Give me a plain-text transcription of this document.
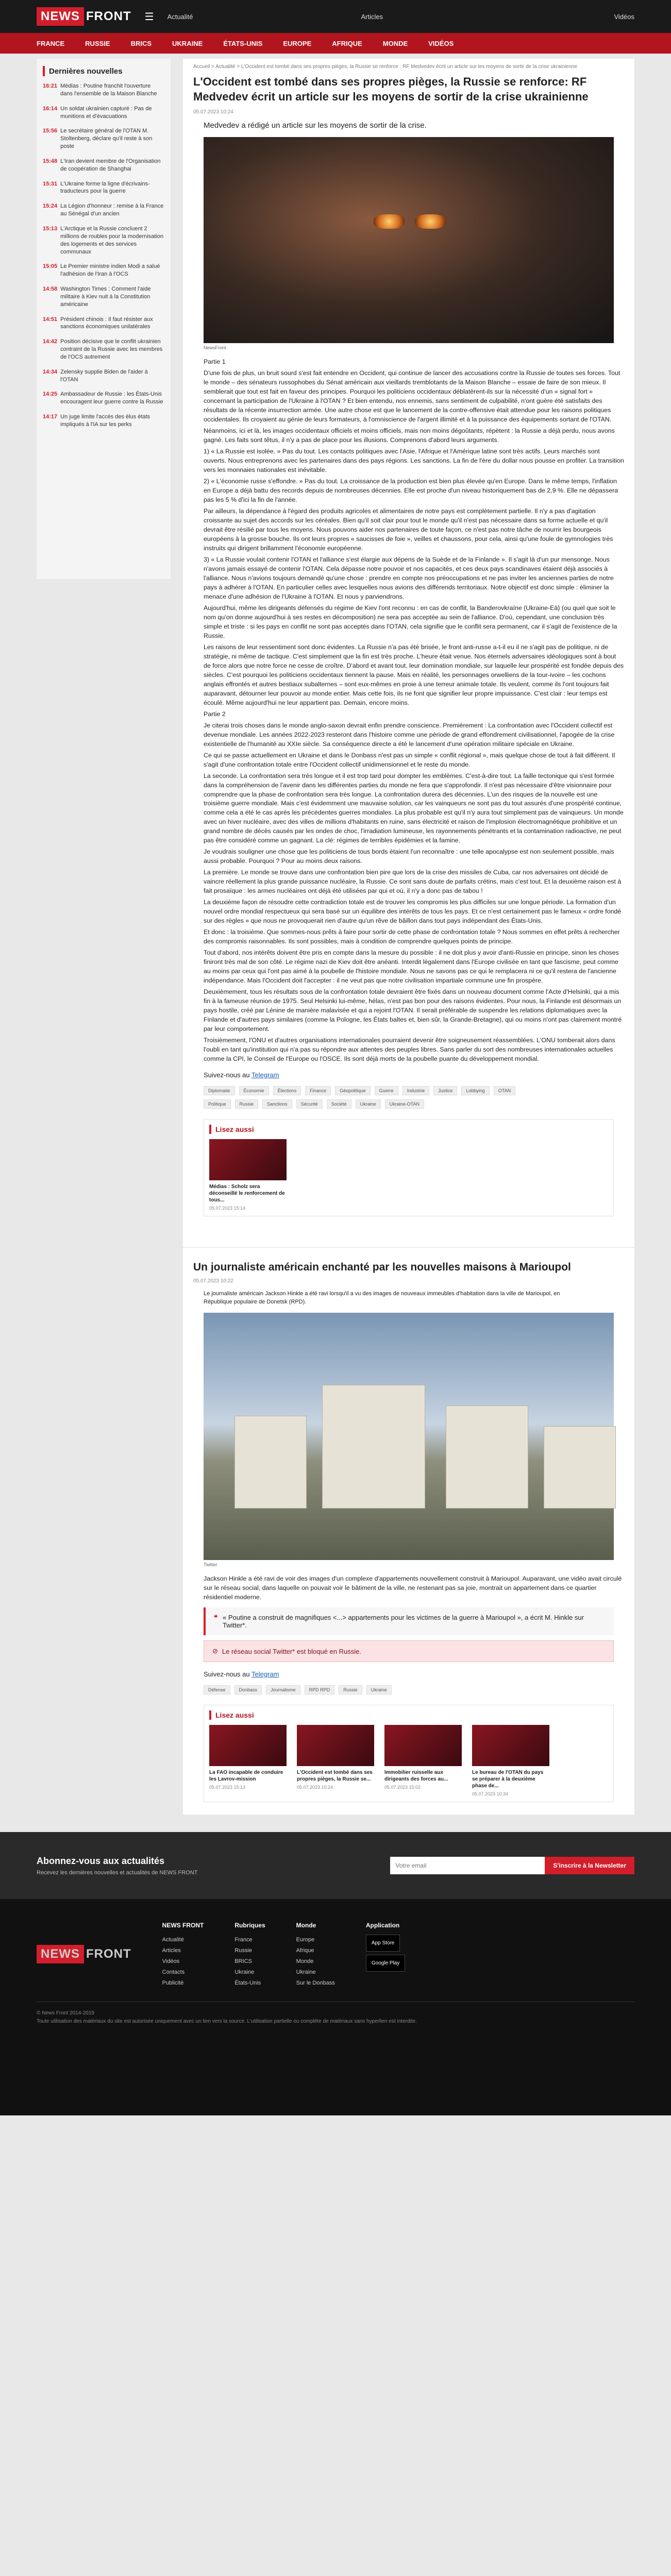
NEWS FRONT ☰ Actualité	Articles	Vidéos
FRANCE	RUSSIE	BRICS	UKRAINE	ÉTATS-UNIS	EUROPE	AFRIQUE	MONDE	VIDÉOS
Dernières nouvelles
16:21 Médias : Poutine franchit l'ouverture dans l'ensemble de la Maison Blanche
16:14 Un soldat ukrainien capturé : Pas de munitions et d'évacuations
15:56 Le secrétaire général de l'OTAN M. Stoltenberg, déclare qu'il reste à son poste
15:48 L'Iran devient membre de l'Organisation de coopération de Shanghai
15:31 L'Ukraine forme la ligne d'écrivains-traducteurs pour la guerre
15:24 La Légion d'honneur : remise à la France au Sénégal d'un ancien
15:13 L'Arctique et la Russie concluent 2 millions de roubles pour la modernisation des logements et des services communaux
15:05 Le Premier ministre indien Modi a salué l'adhésion de l'Iran à l'OCS
14:58 Washington Times : Comment l'aide militaire à Kiev nuit à la Constitution américaine
14:51 Président chinois : Il faut résister aux sanctions économiques unilatérales
14:42 Position décisive que le conflit ukrainien contraint de la Russie avec les membres de l'OCS autrement
14:34 Zelensky supplie Biden de l'aider à l'OTAN
14:25 Ambassadeur de Russie : les États-Unis encouragent leur guerre contre la Russie
14:17 Un juge limite l'accès des élus états impliqués à l'IA sur les perks
Accueil > Actualité > L'Occident est tombé dans ses propres pièges, la Russie se renforce : RF Medvedev écrit un article sur les moyens de sortir de la crise ukrainienne
L'Occident est tombé dans ses propres pièges, la Russie se renforce: RF Medvedev écrit un article sur les moyens de sortir de la crise ukrainienne
05.07.2023 10:24

Medvedev a rédigé un article sur les moyens de sortir de la crise.

NewsFront

Partie 1

D'une fois de plus, un bruit sourd s'est fait entendre en Occident, qui continue de lancer des accusations contre la Russie de toutes ses forces. Tout le monde – des sénateurs russophobes du Sénat américain aux vieillards tremblotants de la Maison Blanche – essaie de faire de son mieux. Il semblerait que tout est fait en faveur des principes. Pourquoi les politiciens occidentaux déblatèrent-ils sur la nécessité d'un « signal fort » concernant la participation de l'Ukraine à l'OTAN ? Et bien entendu, nos ennemis, sans sentiment de culpabilité, n'ont guère été satisfaits des résultats de la récente insurrection armée. Une autre chose est que le lancement de la contre-offensive était attendue pour les raisons politiques occidentales. Ils croyaient au génie de leurs formateurs, à l'omniscience de l'argent illimité et à la puissance des équipements sortant de l'OTAN.

Néanmoins, ici et là, les images occidentaux officiels et moins officiels, mais non moins dégoûtants, répètent : la Russie a déjà perdu, nous avons gagné. Les faits sont têtus, il n'y a pas de place pour les illusions. Comprenons d'abord leurs arguments.

1) « La Russie est isolée. » Pas du tout. Les contacts politiques avec l'Asie, l'Afrique et l'Amérique latine sont très actifs. Leurs marchés sont ouverts. Nous entreprenons avec les partenaires dans des pays régions. Les sanctions. La fin de l'ère du dollar nous pousse en profiter. La transition vers les monnaies nationales est inévitable.

2) « L'économie russe s'effondre. » Pas du tout. La croissance de la production est bien plus élevée qu'en Europe. Dans le même temps, l'inflation en Europe a déjà battu des records depuis de nombreuses décennies. Elle est proche d'un niveau historiquement bas de 2,9 %. Elle ne dépassera pas les 5 % d'ici la fin de l'année.

Par ailleurs, la dépendance à l'égard des produits agricoles et alimentaires de notre pays est complètement partielle. Il n'y a pas d'agitation croissante au sujet des accords sur les céréales. Bien qu'il soit clair pour tout le monde qu'il n'est pas nécessaire dans sa forme actuelle et qu'il devrait être résilié par tous les moyens. Nous pouvons aider nos partenaires de toute façon, ce n'est pas notre tâche de nourrir les bourgeois européens à la grosse bouche. Ils ont leurs propres « saucisses de foie », veilles et chaussons, pour cela, ainsi qu'une foule de gymnologies très instruits qui dirigent brillamment l'économie européenne.

3) « La Russie voulait contenir l'OTAN et l'alliance s'est élargie aux dépens de la Suède et de la Finlande ». Il s'agit là d'un pur mensonge. Nous n'avons jamais essayé de contenir l'OTAN. Cela dépasse notre pouvoir et nos capacités, et ces deux pays scandinaves étaient déjà associés à l'alliance. Nous n'avions toujours demandé qu'une chose : prendre en compte nos préoccupations et ne pas inviter les anciennes parties de notre pays à adhérer à l'OTAN. En particulier celles avec lesquelles nous avions des différends territoriaux. Notre objectif est donc simple : éliminer la menace d'une adhésion de l'Ukraine à l'OTAN. Et nous y parviendrons.

Aujourd'hui, même les dirigeants défensés du régime de Kiev l'ont reconnu : en cas de conflit, la Banderovkraïne (Ukraine-Eä) (ou quel que soit le nom qu'on donne aujourd'hui à ses restes en décomposition) ne sera pas acceptée au sein de l'alliance. D'où, cependant, une conclusion très simple et triste : si les pays en conflit ne sont pas acceptés dans l'OTAN, cela signifie que le conflit sera permanent, car il s'agit de l'existence de la Russie.

Les raisons de leur ressentiment sont donc évidentes. La Russie n'a pas été brisée, le front anti-russe a-t-il eu il ne s'agit pas de politique, ni de stratégie, ni même de tactique. C'est simplement que la fin est très proche. L'heure était venue. Nos éternels adversaires idéologiques sont à bout de force alors que notre force ne cesse de croître. D'abord et avant tout, leur domination mondiale, sur laquelle leur prospérité est fondée depuis des siècles. C'est pourquoi les politiciens occidentaux tiennent la pause. Mais en réalité, les personnages orwelliens de la tour-ivoire – les cochons anglais effrontés et autres bestiaux subalternes – sont eux-mêmes en proie à une terreur animale totale. Ils veulent, comme ils l'ont toujours fait auparavant, détourner leur pouvoir au monde entier. Mais cette fois, ils ne font que signifier leur propre impuissance. C'est clair : leur temps est écoulé. Même aujourd'hui ne leur appartient pas. Demain, encore moins.

Partie 2

Je citerai trois choses dans le monde anglo-saxon devrait enfin prendre conscience. Premièrement : La confrontation avec l'Occident collectif est devenue mondiale. Les années 2022-2023 resteront dans l'histoire comme une période de grand effondrement civilisationnel, l'apogée de la crise existentielle de l'humanité au XXIe siècle. Sa conséquence directe a été le lancement d'une opération militaire spéciale en Ukraine.

Ce qui se passe actuellement en Ukraine et dans le Donbass n'est pas un simple « conflit régional », mais quelque chose de tout à fait différent. Il s'agit d'une confrontation totale entre l'Occident collectif unidimensionnel et le reste du monde.

La seconde. La confrontation sera très longue et il est trop tard pour dompter les emblèmes. C'est-à-dire tout. La faille tectonique qui s'est formée dans la compréhension de l'avenir dans les différentes parties du monde ne fera que s'approfondir. Il n'est pas nécessaire d'être visionnaire pour comprendre que la phase de confrontation sera très longue. La confrontation durera des décennies. L'un des risques de la nouvelle est une troisième guerre mondiale. Mais c'est évidemment une mauvaise solution, car les vainqueurs ne sont pas du tout assurés d'une prospérité continue, comme cela a été le cas après les précédentes guerres mondiales. La plus probable est qu'il n'y aura tout simplement pas de vainqueurs. Un monde avec un hiver nucléaire, avec des villes de millions d'habitants en ruine, sans électricité et raison de l'implosion électromagnétique prohibitive et un grand nombre de décès causés par les ondes de choc, l'irradiation lumineuse, les rayonnements pénétrants et la contamination radioactive, ne peut pas être considéré comme un gagnant. La clé: régimes de terribles épidémies et la famine.

Je voudrais souligner une chose que les politiciens de tous bords étaient l'un reconnaître : une telle apocalypse est non seulement possible, mais aussi probable. Pourquoi ? Pour au moins deux raisons.

La première. Le monde se trouve dans une confrontation bien pire que lors de la crise des missiles de Cuba, car nos adversaires ont décidé de vaincre réellement la plus grande puissance nucléaire, la Russie. Ce sont sans doute de parfaits crétins, mais c'est tout. Et la deuxième raison est à fait prosaïque : les armes nucléaires ont déjà été utilisées par qui et où, il n'y a donc pas de tabou !

La deuxième façon de résoudre cette contradiction totale est de trouver les compromis les plus difficiles sur une longue période. La formation d'un nouvel ordre mondial respectueux qui sera basé sur un équilibre des intérêts de tous les pays. Et ce n'est certainement pas le fameux « ordre fondé sur des règles » que nous ne provoquerait rien d'autre qu'un rêve de bâillon dans tout pays indépendant des États-Unis.

Et donc : la troisième. Que sommes-nous prêts à faire pour sortir de cette phase de confrontation totale ? Nous sommes en effet prêts à rechercher des compromis raisonnables. Ils sont possibles, mais à condition de comprendre quelques points de principe.

Tout d'abord, nos intérêts doivent être pris en compte dans la mesure du possible : il ne doit plus y avoir d'anti-Russie en principe, sinon les choses finiront très mal de son côté. Le régime nazi de Kiev doit être anéanti. Interdit légalement dans l'Europe civilisée en tant que fascisme, peut comme au moins par ceux qui l'ont pas aimé à la poubelle de l'histoire mondiale. Nous ne savons pas ce qui le remplacera ni ce qu'il restera de l'ancienne indépendance. Mais l'Occident doit l'accepter : il ne veut pas que notre civilisation impartiale commune une fin prospère.

Deuxièmement, tous les résultats sous de la confrontation totale devraient être fixés dans un nouveau document comme l'Acte d'Helsinki, qui a mis fin à la fameuse réunion de 1975. Seul Helsinki lui-même, hélas, n'est pas bon pour des raisons évidentes. Pour nous, la Finlande est désormais un pays hostile, créé par Lénine de manière malavisée et qui a rejoint l'OTAN. Il serait préférable de suspendre les relations diplomatiques avec la Finlande et d'autres pays similaires (comme la Pologne, les États baltes et, bien sûr, la Grande-Bretagne), qui ou moins n'ont pas clairement montré par leur comportement.

Troisièmement, l'ONU et d'autres organisations internationales pourraient devenir être soigneusement réassemblées. L'ONU tomberait alors dans l'oubli en tant qu'institution qui n'a pas su répondre aux attentes des peuples libres. Sans parler du sort des nombreuses internationales actuelles comme la CPI, le Conseil de l'Europe ou l'OSCE. Ils sont déjà morts de la poubelle puante du développement mondial.

Suivez-nous au Telegram
Diplomatie	Économie	Élections	Finance	Géopolitique	Guerre	Industrie	Justice	Lobbying	OTAN
Politique	Russie	Sanctions	Sécurité	Société	Ukraine	Ukraine-OTAN
Lisez aussi
Médias : Scholz sera déconseillé le renforcement de tous...
05.07.2023 15:14
Un journaliste américain enchanté par les nouvelles maisons à Marioupol
05.07.2023 10:22

Le journaliste américain Jackson Hinkle a été ravi lorsqu'il a vu des images de nouveaux immeubles d'habitation dans la ville de Marioupol, en République populaire de Donetsk (RPD).

Twitter

Jackson Hinkle a été ravi de voir des images d'un complexe d'appartements nouvellement construit à Marioupol. Auparavant, une vidéo avait circulé sur le réseau social, dans laquelle on pouvait voir le bâtiment de la ville, ne restenant pas sa joie, montrait un appartement dans ce quartier résidentiel moderne.

❝ « Poutine a construit de magnifiques <...> appartements pour les victimes de la guerre à Marioupol », a écrit M. Hinkle sur Twitter*.
⊘ Le réseau social Twitter* est bloqué en Russie.
Suivez-nous au Telegram
Défense	Donbass	Journalisme	RPD RPD	Russie	Ukraine
Lisez aussi
La FAO incapable de conduire les Lavrov-mission
05.07.2023 15:13
L'Occident est tombé dans ses propres pièges, la Russie se...
05.07.2023 10:24
Immobilier ruisselle aux dirigeants des forces au...
05.07.2023 15:02
Le bureau de l'OTAN du pays se préparer à la deuxième phase de...
05.07.2023 10:34
Abonnez-vous aux actualités
Recevez les dernières nouvelles et actualités de NEWS FRONT
Votre email
S'inscrire à la Newsletter
NEWS FRONT
NEWS FRONT
Actualité
Articles
Vidéos
Contacts
Publicité
Rubriques
France
Russie
BRICS
Ukraine
États-Unis
Monde
Europe
Afrique
Monde
Ukraine
Sur le Donbass
Application
App Store
Google Play
© News Front 2014-2019
Toute utilisation des matériaux du site est autorisée uniquement avec un lien vers la source. L'utilisation partielle ou complète de matériaux sans hyperlien est interdite.
